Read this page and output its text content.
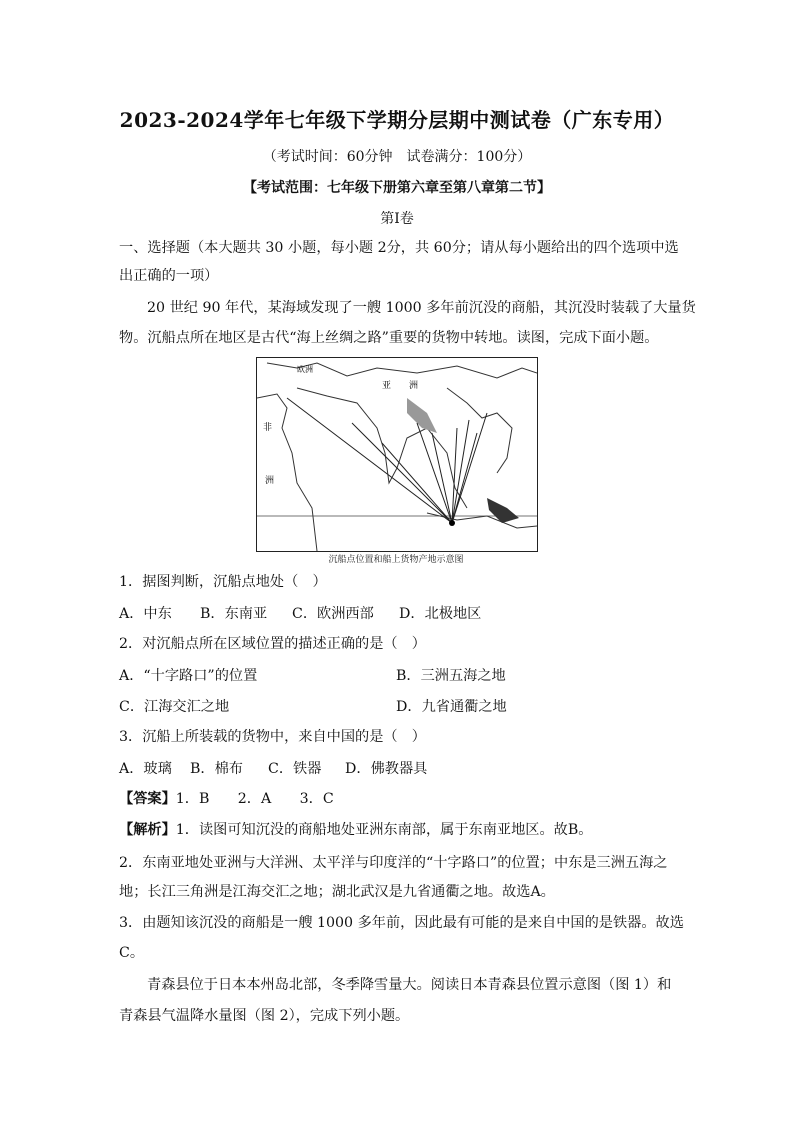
2023-2024学年七年级下学期分层期中测试卷（广东专用）
（考试时间：60分钟　试卷满分：100分）
【考试范围：七年级下册第六章至第八章第二节】
第Ⅰ卷
一、选择题（本大题共 30 小题，每小题 2分，共 60分；请从每小题给出的四个选项中选
出正确的一项）
20 世纪 90 年代，某海域发现了一艘 1000 多年前沉没的商船，其沉没时装载了大量货
物。沉船点所在地区是古代“海上丝绸之路”重要的货物中转地。读图，完成下面小题。
亚　　洲
非
洲
欧洲
沉船点位置和船上货物产地示意图
1．据图判断，沉船点地处（　）
A．中东 B．东南亚 C．欧洲西部 D．北极地区
2．对沉船点所在区域位置的描述正确的是（　）
A．“十字路口”的位置	B．三洲五海之地
C．江海交汇之地	D．九省通衢之地
3．沉船上所装载的货物中，来自中国的是（　）
A．玻璃 B．棉布 C．铁器 D．佛教器具
【答案】1．B　　2．A　　3．C
【解析】1．读图可知沉没的商船地处亚洲东南部，属于东南亚地区。故B。
2．东南亚地处亚洲与大洋洲、太平洋与印度洋的“十字路口”的位置；中东是三洲五海之
地；长江三角洲是江海交汇之地；湖北武汉是九省通衢之地。故选A。
3．由题知该沉没的商船是一艘 1000 多年前，因此最有可能的是来自中国的是铁器。故选
C。
青森县位于日本本州岛北部，冬季降雪量大。阅读日本青森县位置示意图（图 1）和
青森县气温降水量图（图 2），完成下列小题。
